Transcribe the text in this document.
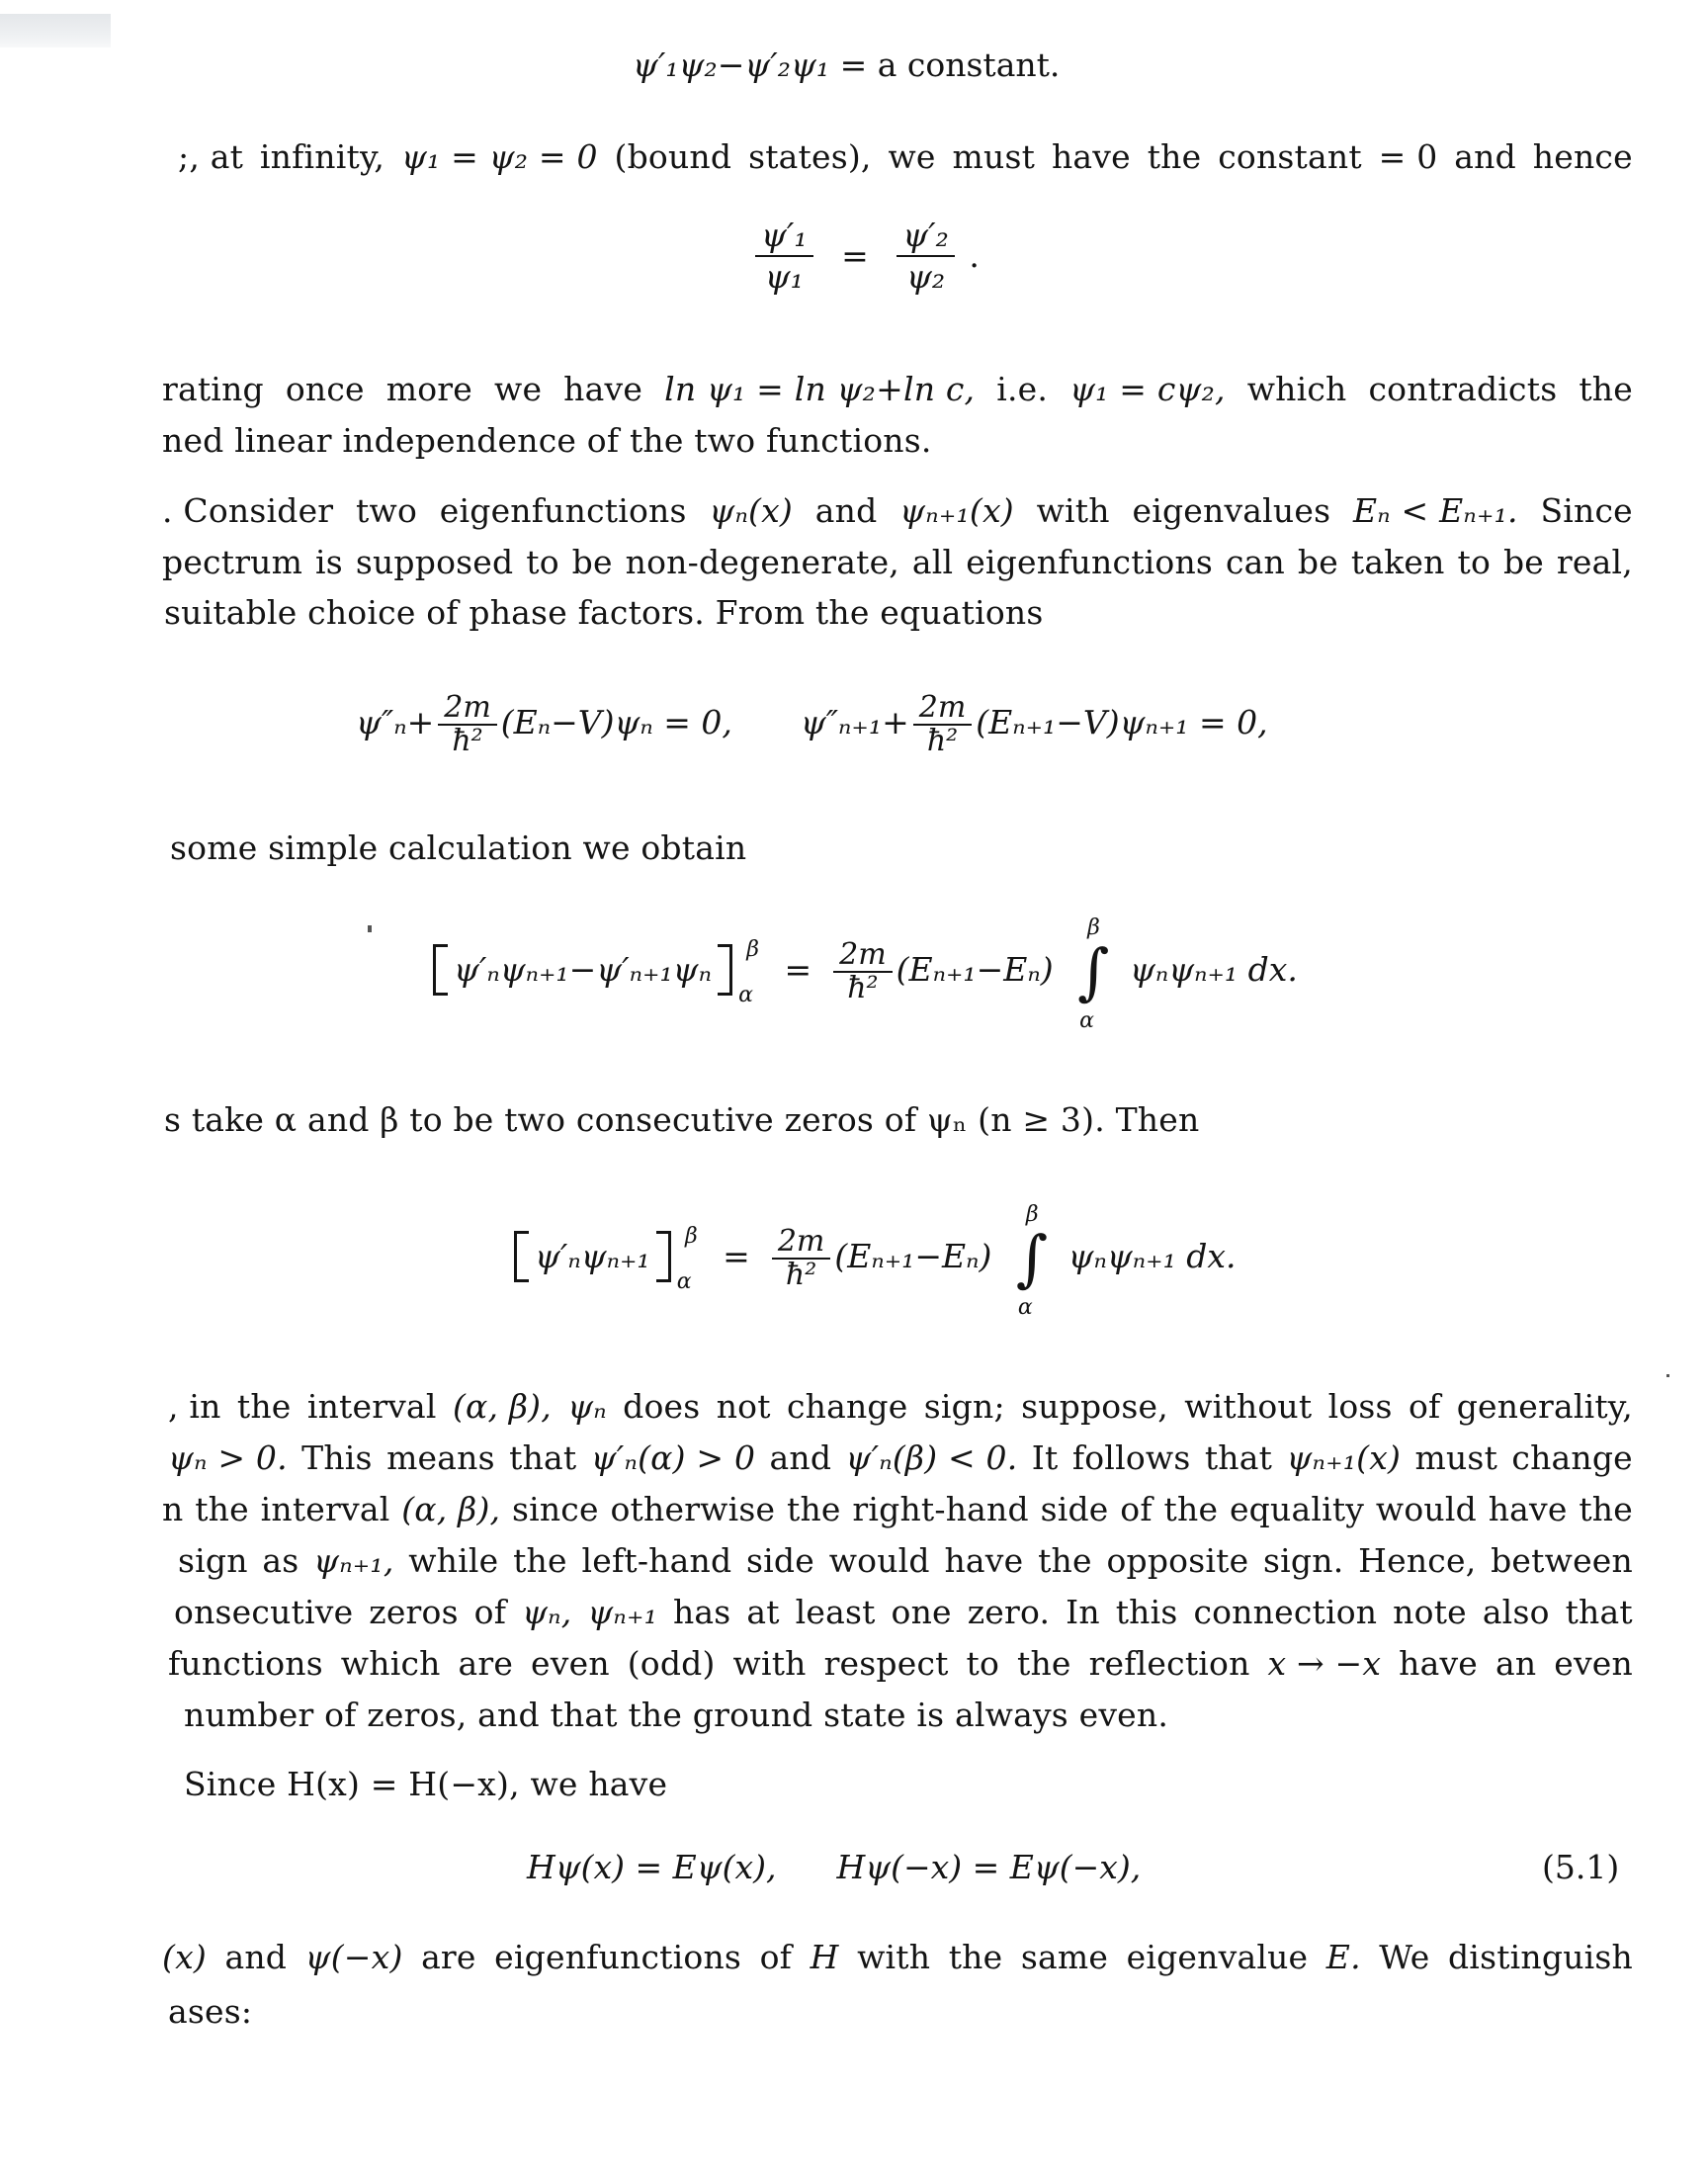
ψ′₁ψ₂−ψ′₂ψ₁ = a constant.
;, at infinity, ψ₁ = ψ₂ = 0 (bound states), we must have the constant = 0 and hence
$\frac{\text{ψ′₁}}{\text{ψ₁}} = \frac{\text{ψ′₂}}{\text{ψ₂}}$ .
rating once more we have ln ψ₁ = ln ψ₂+ln c, i.e. ψ₁ = cψ₂, which contradicts the
ned linear independence of the two functions.
. Consider two eigenfunctions ψₙ(x) and ψₙ₊₁(x) with eigenvalues Eₙ < Eₙ₊₁. Since
pectrum is supposed to be non-degenerate, all eigenfunctions can be taken to be real,
suitable choice of phase factors. From the equations
$\psi''_n+ \frac{2m}{\text{ħ²}} (E_n-V)\psi_n = 0$, $\psi''_{n+1}+ \frac{2m}{\text{ħ²}} (E_{n+1}-V)\psi_{n+1} = 0$,
some simple calculation we obtain
ψ′ₙψₙ₊₁−ψ′ₙ₊₁ψₙ
β
α
= $\frac{2m}{\text{ħ²}} (E_{n+1}-E_n)$ ∫
β
α
ψₙψₙ₊₁ dx.
s take α and β to be two consecutive zeros of ψₙ (n ≥ 3). Then
ψ′ₙψₙ₊₁
β
α
= $\frac{2m}{\text{ħ²}} (E_{n+1}-E_n)$ ∫
β
α
ψₙψₙ₊₁ dx.
, in the interval (α, β), ψₙ does not change sign; suppose, without loss of generality,
ψₙ > 0. This means that ψ′ₙ(α) > 0 and ψ′ₙ(β) < 0. It follows that ψₙ₊₁(x) must change
n the interval (α, β), since otherwise the right-hand side of the equality would have the
sign as ψₙ₊₁, while the left-hand side would have the opposite sign. Hence, between
onsecutive zeros of ψₙ, ψₙ₊₁ has at least one zero. In this connection note also that
functions which are even (odd) with respect to the reflection x → −x have an even
number of zeros, and that the ground state is always even.
Since H(x) = H(−x), we have
Hψ(x) = Eψ(x), Hψ(−x) = Eψ(−x),	(5.1)
(x) and ψ(−x) are eigenfunctions of H with the same eigenvalue E. We distinguish
ases:
